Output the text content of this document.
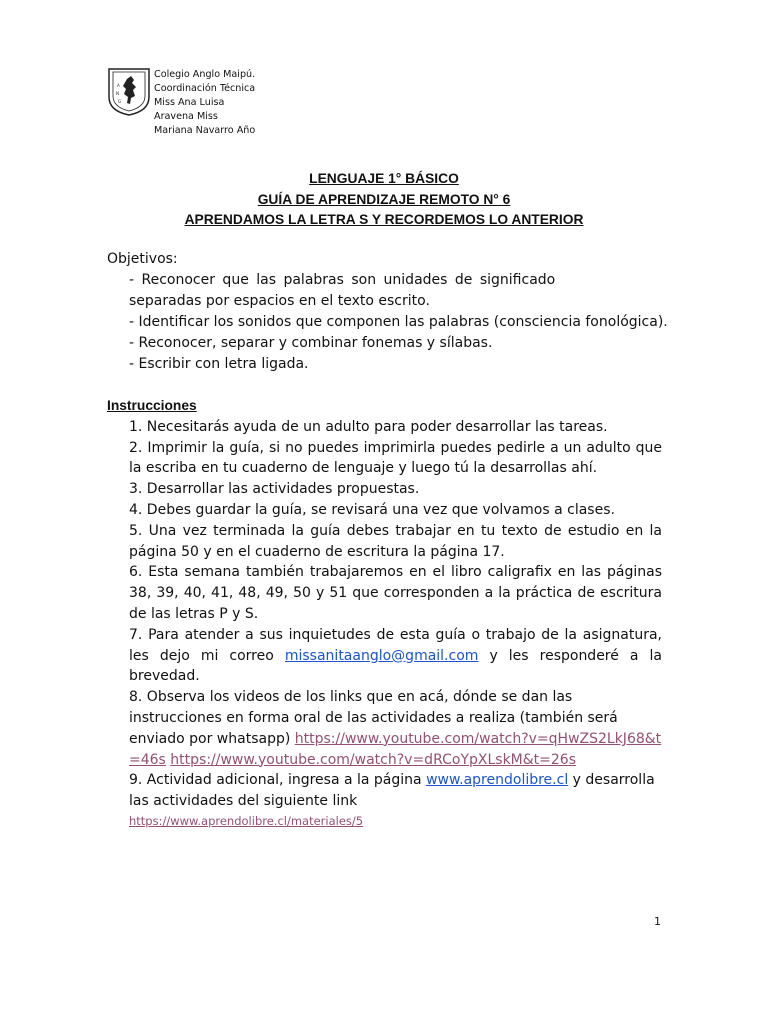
A
N
G
Colegio Anglo Maipú.
Coordinación Técnica
Miss Ana Luisa
Aravena Miss
Mariana Navarro Año
LENGUAJE 1° BÁSICO
GUÍA DE APRENDIZAJE REMOTO N° 6
APRENDAMOS LA LETRA S Y RECORDEMOS LO ANTERIOR
Objetivos:
- Reconocer que las palabras son unidades de significado
separadas por espacios en el texto escrito.
- Identificar los sonidos que componen las palabras (consciencia fonológica).
- Reconocer, separar y combinar fonemas y sílabas.
- Escribir con letra ligada.
Instrucciones
1. Necesitarás ayuda de un adulto para poder desarrollar las tareas.
2. Imprimir la guía, si no puedes imprimirla puedes pedirle a un adulto que la escriba en tu cuaderno de lenguaje y luego tú la desarrollas ahí.
3. Desarrollar las actividades propuestas.
4. Debes guardar la guía, se revisará una vez que volvamos a clases.
5. Una vez terminada la guía debes trabajar en tu texto de estudio en la página 50 y en el cuaderno de escritura la página 17.
6. Esta semana también trabajaremos en el libro caligrafix en las páginas 38, 39, 40, 41, 48, 49, 50 y 51 que corresponden a la práctica de escritura de las letras P y S.
7. Para atender a sus inquietudes de esta guía o trabajo de la asignatura, les dejo mi correo missanitaanglo@gmail.com y les responderé a la brevedad.
8. Observa los videos de los links que en acá, dónde se dan las instrucciones en forma oral de las actividades a realiza (también será enviado por whatsapp) https://www.youtube.com/watch?v=qHwZS2LkJ68&t=46s https://www.youtube.com/watch?v=dRCoYpXLskM&t=26s
9. Actividad adicional, ingresa a la página www.aprendolibre.cl y desarrolla las actividades del siguiente link
https://www.aprendolibre.cl/materiales/5
1
